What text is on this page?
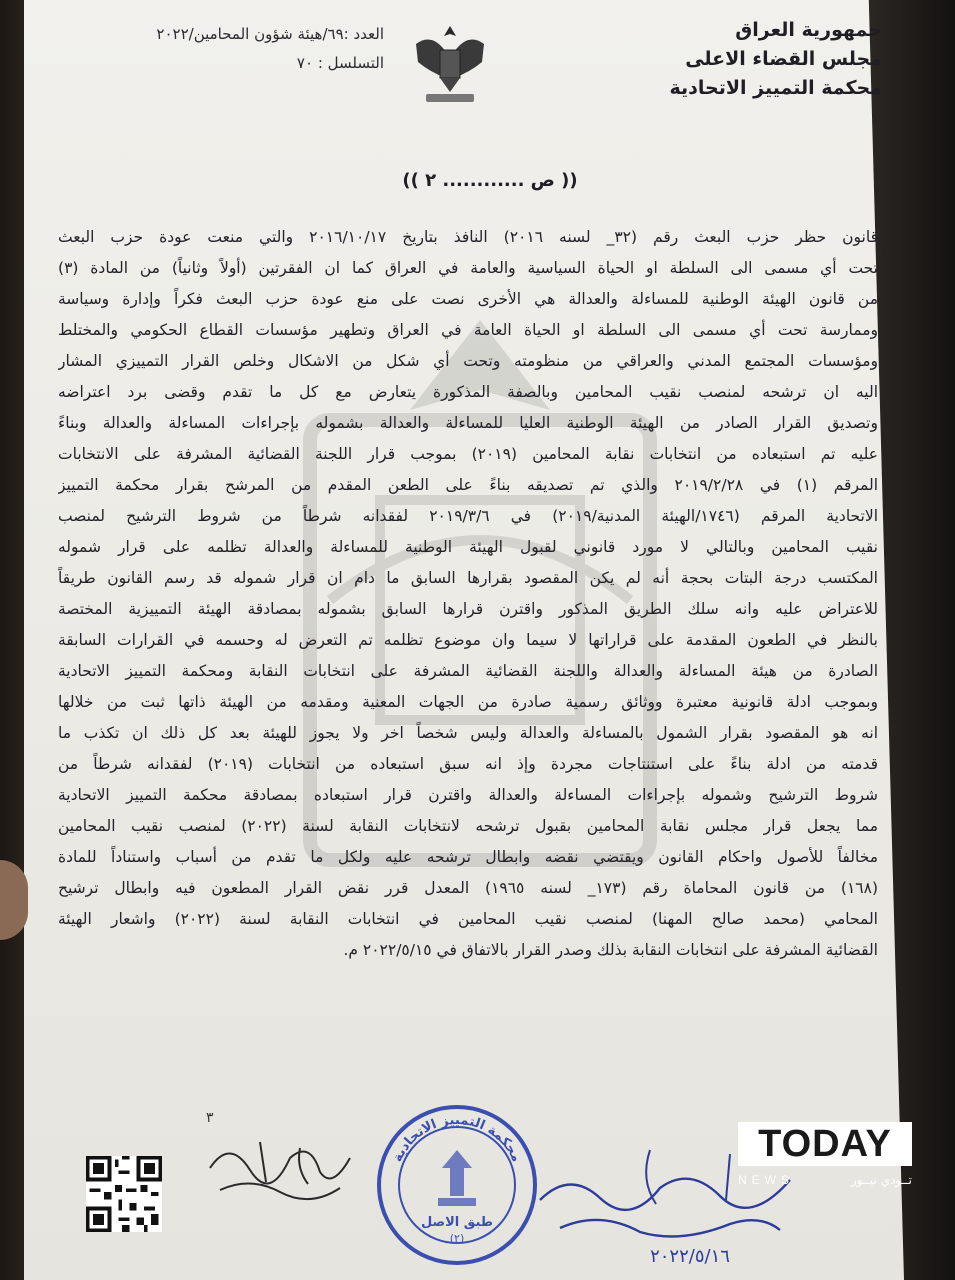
جمهورية العراق
مجلس القضاء الاعلى
محكمة التمييز الاتحادية
العدد :٦٩/هيئة شؤون المحامين/٢٠٢٢
التسلسل : ٧٠
(( ص ............ ٢ ))
قانون حظر حزب البعث رقم (٣٢_ لسنه ٢٠١٦) النافذ بتاريخ ٢٠١٦/١٠/١٧ والتي منعت عودة حزب البعث
تحت أي مسمى الى السلطة او الحياة السياسية والعامة في العراق كما ان الفقرتين (أولاً وثانياً) من المادة (٣)
من قانون الهيئة الوطنية للمساءلة والعدالة هي الأخرى نصت على منع عودة حزب البعث فكراً وإدارة وسياسة
وممارسة تحت أي مسمى الى السلطة او الحياة العامة في العراق وتطهير مؤسسات القطاع الحكومي والمختلط
ومؤسسات المجتمع المدني والعراقي من منظومته وتحت أي شكل من الاشكال وخلص القرار التمييزي المشار
اليه ان ترشحه لمنصب نقيب المحامين وبالصفة المذكورة يتعارض مع كل ما تقدم وقضى برد اعتراضه
وتصديق القرار الصادر من الهيئة الوطنية العليا للمساءلة والعدالة بشموله بإجراءات المساءلة والعدالة وبناءً
عليه تم استبعاده من انتخابات نقابة المحامين (٢٠١٩) بموجب قرار اللجنة القضائية المشرفة على الانتخابات
المرقم (١) في ٢٠١٩/٢/٢٨ والذي تم تصديقه بناءً على الطعن المقدم من المرشح بقرار محكمة التمييز
الاتحادية المرقم (١٧٤٦/الهيئة المدنية/٢٠١٩) في ٢٠١٩/٣/٦ لفقدانه شرطاً من شروط الترشيح لمنصب
نقيب المحامين وبالتالي لا مورد قانوني لقبول الهيئة الوطنية للمساءلة والعدالة تظلمه على قرار شموله
المكتسب درجة البتات بحجة أنه لم يكن المقصود بقرارها السابق ما دام ان قرار شموله قد رسم القانون طريقاً
للاعتراض عليه وانه سلك الطريق المذكور واقترن قرارها السابق بشموله بمصادقة الهيئة التمييزية المختصة
بالنظر في الطعون المقدمة على قراراتها لا سيما وان موضوع تظلمه تم التعرض له وحسمه في القرارات السابقة
الصادرة من هيئة المساءلة والعدالة واللجنة القضائية المشرفة على انتخابات النقابة ومحكمة التمييز الاتحادية
وبموجب ادلة قانونية معتبرة ووثائق رسمية صادرة من الجهات المعنية ومقدمه من الهيئة ذاتها ثبت من خلالها
انه هو المقصود بقرار الشمول بالمساءلة والعدالة وليس شخصاً اخر ولا يجوز للهيئة بعد كل ذلك ان تكذب ما
قدمته من ادلة بناءً على استنتاجات مجردة وإذ انه سبق استبعاده من انتخابات (٢٠١٩) لفقدانه شرطاً من
شروط الترشيح وشموله بإجراءات المساءلة والعدالة واقترن قرار استبعاده بمصادقة محكمة التمييز الاتحادية
مما يجعل قرار مجلس نقابة المحامين بقبول ترشحه لانتخابات النقابة لسنة (٢٠٢٢) لمنصب نقيب المحامين
مخالفاً للأصول واحكام القانون ويقتضي نقضه وابطال ترشحه عليه ولكل ما تقدم من أسباب واستناداً للمادة
(١٦٨) من قانون المحاماة رقم (١٧٣_ لسنه ١٩٦٥) المعدل قرر نقض القرار المطعون فيه وابطال ترشيح
المحامي (محمد صالح المهنا) لمنصب نقيب المحامين في انتخابات النقابة لسنة (٢٠٢٢) واشعار الهيئة
القضائية المشرفة على انتخابات النقابة بذلك وصدر القرار بالاتفاق في ٢٠٢٢/٥/١٥ م.
٣
محكمة التمييز الاتحادية
طبق الاصل
(٢)
٢٠٢٢/٥/١٦
TODAY
NEWS	تــودي نيــوز
